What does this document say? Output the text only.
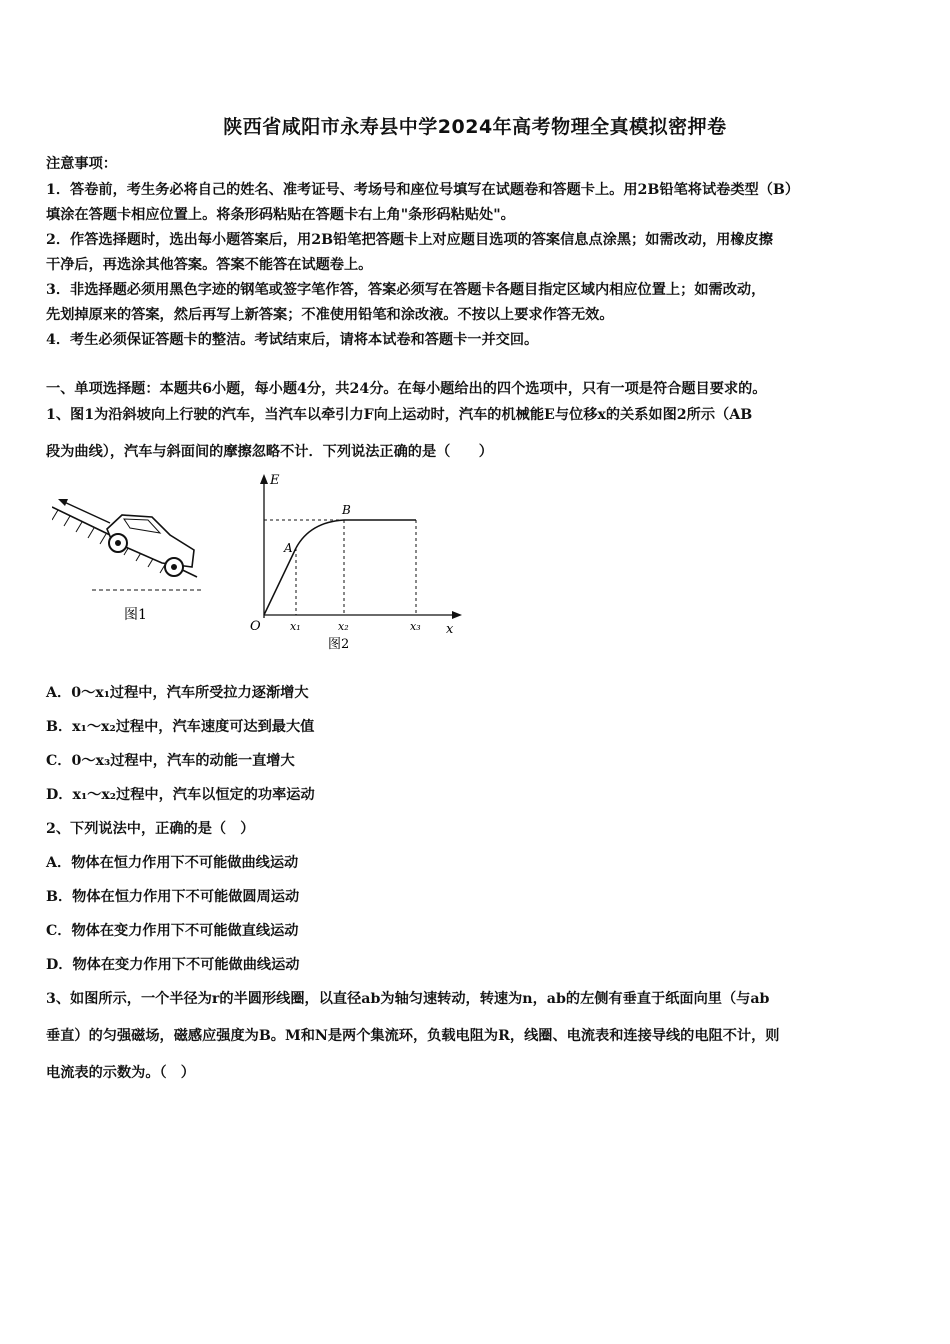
陕西省咸阳市永寿县中学2024年高考物理全真模拟密押卷
注意事项：
1．答卷前，考生务必将自己的姓名、准考证号、考场号和座位号填写在试题卷和答题卡上。用2B铅笔将试卷类型（B）
填涂在答题卡相应位置上。将条形码粘贴在答题卡右上角"条形码粘贴处"。
2．作答选择题时，选出每小题答案后，用2B铅笔把答题卡上对应题目选项的答案信息点涂黑；如需改动，用橡皮擦
干净后，再选涂其他答案。答案不能答在试题卷上。
3．非选择题必须用黑色字迹的钢笔或签字笔作答，答案必须写在答题卡各题目指定区域内相应位置上；如需改动，
先划掉原来的答案，然后再写上新答案；不准使用铅笔和涂改液。不按以上要求作答无效。
4．考生必须保证答题卡的整洁。考试结束后，请将本试卷和答题卡一并交回。
一、单项选择题：本题共6小题，每小题4分，共24分。在每小题给出的四个选项中，只有一项是符合题目要求的。
1、图1为沿斜坡向上行驶的汽车，当汽车以牵引力F向上运动时，汽车的机械能E与位移x的关系如图2所示（AB
段为曲线），汽车与斜面间的摩擦忽略不计．下列说法正确的是（　　）
图1
E
x
O
A
B
x₁	x₂	x₃
图2
A．0～x₁过程中，汽车所受拉力逐渐增大
B．x₁～x₂过程中，汽车速度可达到最大值
C．0～x₃过程中，汽车的动能一直增大
D．x₁～x₂过程中，汽车以恒定的功率运动
2、下列说法中，正确的是（　）
A．物体在恒力作用下不可能做曲线运动
B．物体在恒力作用下不可能做圆周运动
C．物体在变力作用下不可能做直线运动
D．物体在变力作用下不可能做曲线运动
3、如图所示，一个半径为r的半圆形线圈，以直径ab为轴匀速转动，转速为n，ab的左侧有垂直于纸面向里（与ab
垂直）的匀强磁场，磁感应强度为B。M和N是两个集流环，负载电阻为R，线圈、电流表和连接导线的电阻不计，则
电流表的示数为。（　）
